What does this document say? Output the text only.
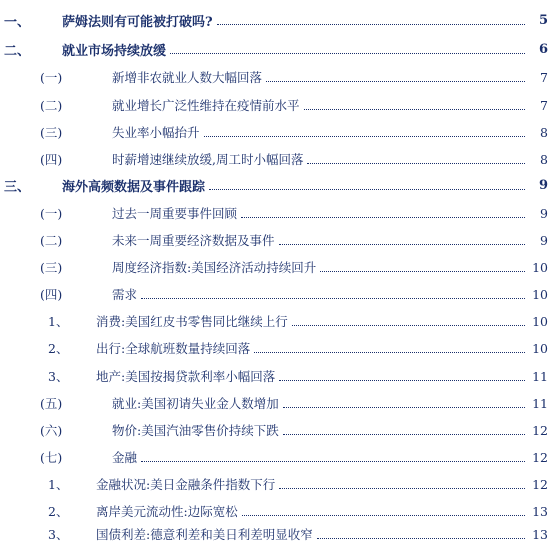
一、	萨姆法则有可能被打破吗?	5
二、	就业市场持续放缓	6
(一)	新增非农就业人数大幅回落	7
(二)	就业增长广泛性维持在疫情前水平	7
(三)	失业率小幅抬升	8
(四)	时薪增速继续放缓,周工时小幅回落	8
三、	海外高频数据及事件跟踪	9
(一)	过去一周重要事件回顾	9
(二)	未来一周重要经济数据及事件	9
(三)	周度经济指数:美国经济活动持续回升	10
(四)	需求	10
1、	消费:美国红皮书零售同比继续上行	10
2、	出行:全球航班数量持续回落	10
3、	地产:美国按揭贷款利率小幅回落	11
(五)	就业:美国初请失业金人数增加	11
(六)	物价:美国汽油零售价持续下跌	12
(七)	金融	12
1、	金融状况:美日金融条件指数下行	12
2、	离岸美元流动性:边际宽松	13
3、	国债利差:德意利差和美日利差明显收窄	13
